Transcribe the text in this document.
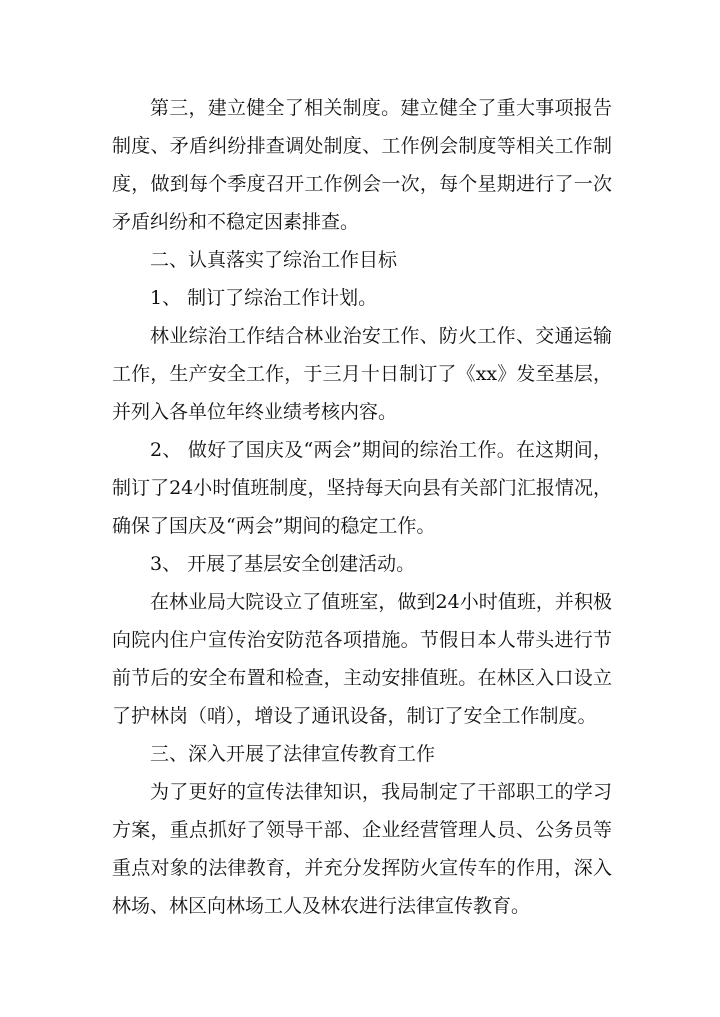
第三，建立健全了相关制度。建立健全了重大事项报告制度、矛盾纠纷排查调处制度、工作例会制度等相关工作制度，做到每个季度召开工作例会一次，每个星期进行了一次矛盾纠纷和不稳定因素排查。

二、认真落实了综治工作目标

1、 制订了综治工作计划。

林业综治工作结合林业治安工作、防火工作、交通运输工作，生产安全工作，于三月十日制订了《xx》发至基层，并列入各单位年终业绩考核内容。

2、 做好了国庆及“两会”期间的综治工作。在这期间，制订了24小时值班制度，坚持每天向县有关部门汇报情况，确保了国庆及“两会”期间的稳定工作。

3、 开展了基层安全创建活动。

在林业局大院设立了值班室，做到24小时值班，并积极向院内住户宣传治安防范各项措施。节假日本人带头进行节前节后的安全布置和检查，主动安排值班。在林区入口设立了护林岗（哨），增设了通讯设备，制订了安全工作制度。

三、深入开展了法律宣传教育工作

为了更好的宣传法律知识，我局制定了干部职工的学习方案，重点抓好了领导干部、企业经营管理人员、公务员等重点对象的法律教育，并充分发挥防火宣传车的作用，深入林场、林区向林场工人及林农进行法律宣传教育。
